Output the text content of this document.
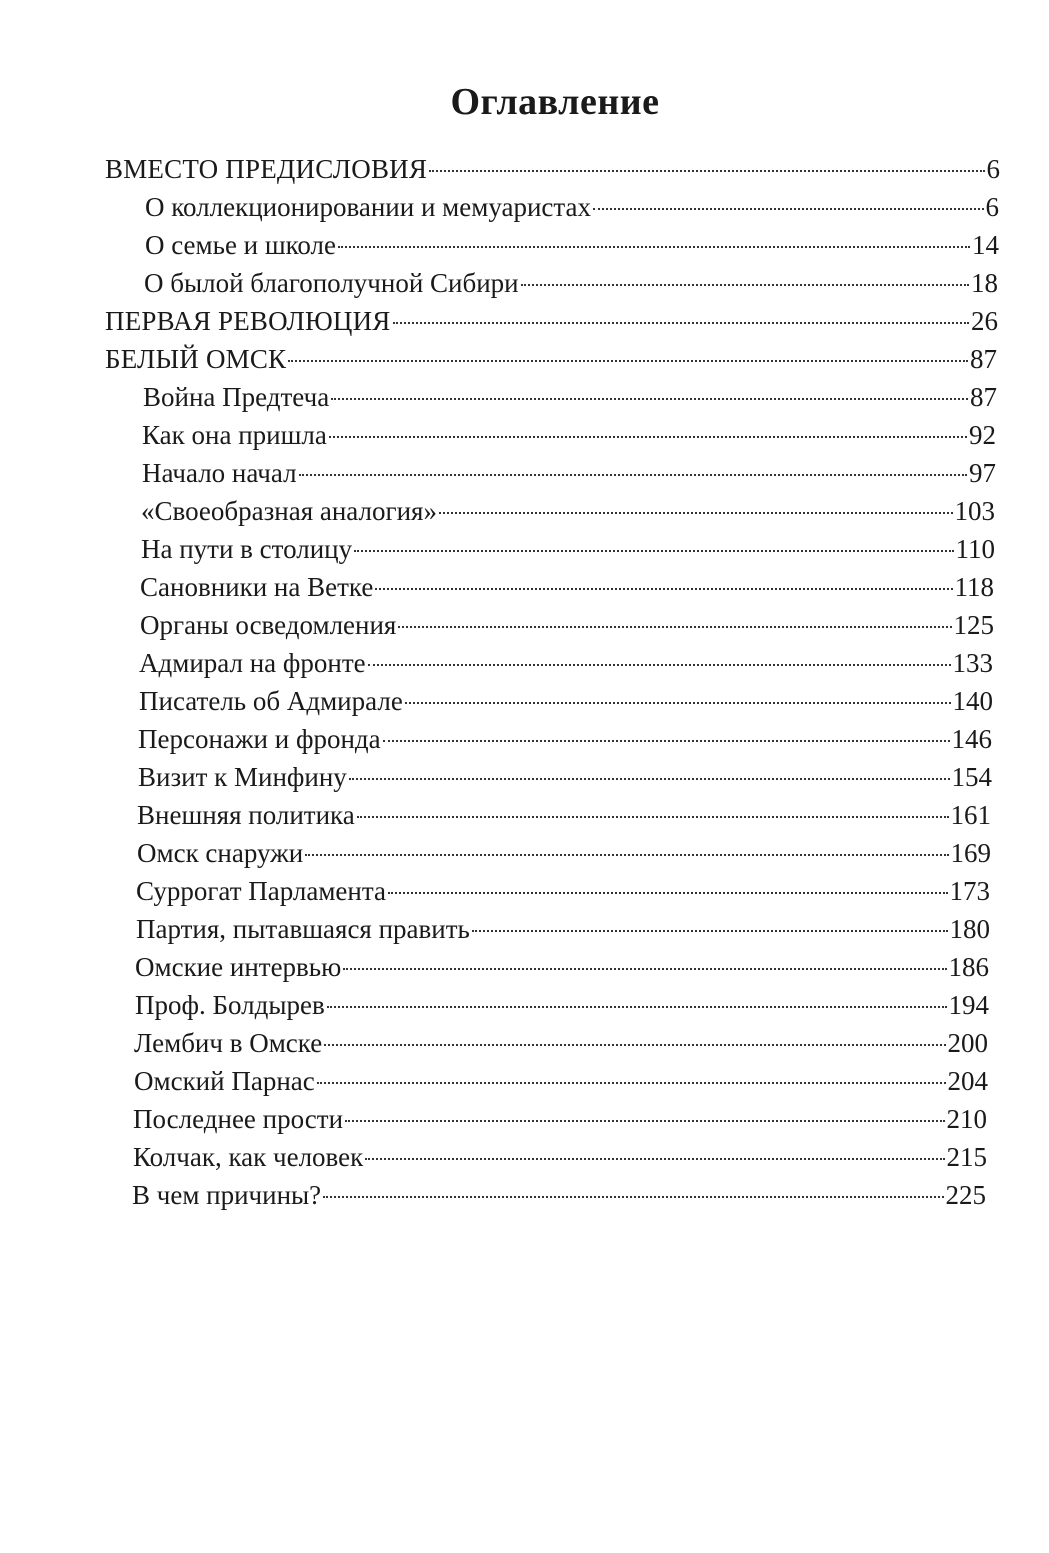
Оглавление
ВМЕСТО ПРЕДИСЛОВИЯ	6
О коллекционировании и мемуаристах	6
О семье и школе	14
О былой благополучной Сибири	18
ПЕРВАЯ РЕВОЛЮЦИЯ	26
БЕЛЫЙ ОМСК	87
Война Предтеча	87
Как она пришла	92
Начало начал	97
«Своеобразная аналогия»	103
На пути в столицу	110
Сановники на Ветке	118
Органы осведомления	125
Адмирал на фронте	133
Писатель об Адмирале	140
Персонажи и фронда	146
Визит к Минфину	154
Внешняя политика	161
Омск снаружи	169
Суррогат Парламента	173
Партия, пытавшаяся править	180
Омские интервью	186
Проф. Болдырев	194
Лембич в Омске	200
Омский Парнас	204
Последнее прости	210
Колчак, как человек	215
В чем причины?	225
